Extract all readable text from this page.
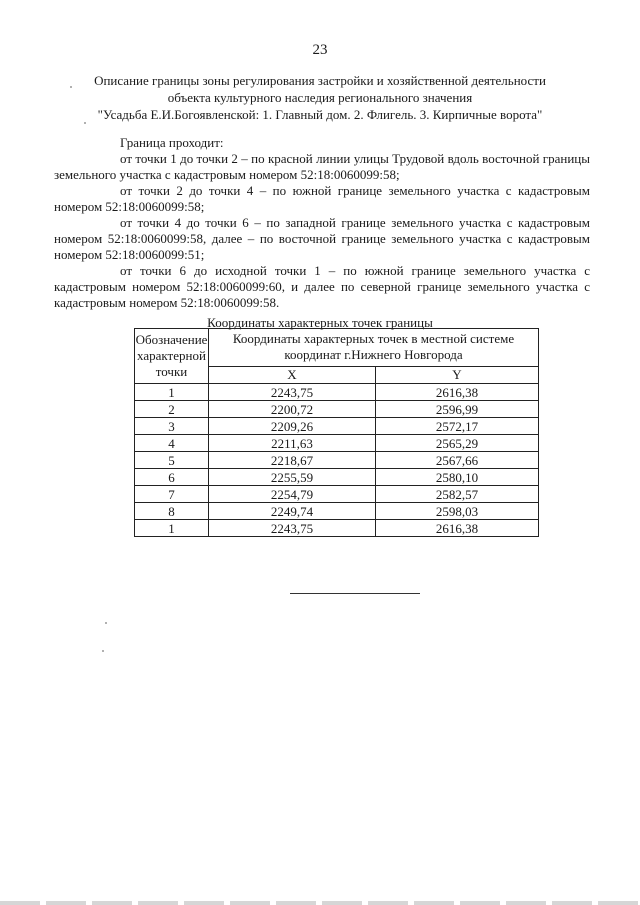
23
Описание границы зоны регулирования застройки и хозяйственной деятельности
объекта культурного наследия регионального значения
"Усадьба Е.И.Богоявленской: 1. Главный дом. 2. Флигель. 3. Кирпичные ворота"

Граница проходит:

от точки 1 до точки 2 – по красной линии улицы Трудовой вдоль восточной границы земельного участка с кадастровым номером 52:18:0060099:58;

от точки 2 до точки 4 – по южной границе земельного участка с кадастровым номером 52:18:0060099:58;

от точки 4 до точки 6 – по западной границе земельного участка с кадастровым номером 52:18:0060099:58, далее – по восточной границе земельного участка с кадастровым номером 52:18:0060099:51;

от точки 6 до исходной точки 1 – по южной границе земельного участка с кадастровым номером 52:18:0060099:60, и далее по северной границе земельного участка с кадастровым номером 52:18:0060099:58.

Координаты характерных точек границы
Обозначение характерной точки	Координаты характерных точек в местной системе координат г.Нижнего Новгорода	
	X	Y
1	2243,75	2616,38
2	2200,72	2596,99
3	2209,26	2572,17
4	2211,63	2565,29
5	2218,67	2567,66
6	2255,59	2580,10
7	2254,79	2582,57
8	2249,74	2598,03
1	2243,75	2616,38
